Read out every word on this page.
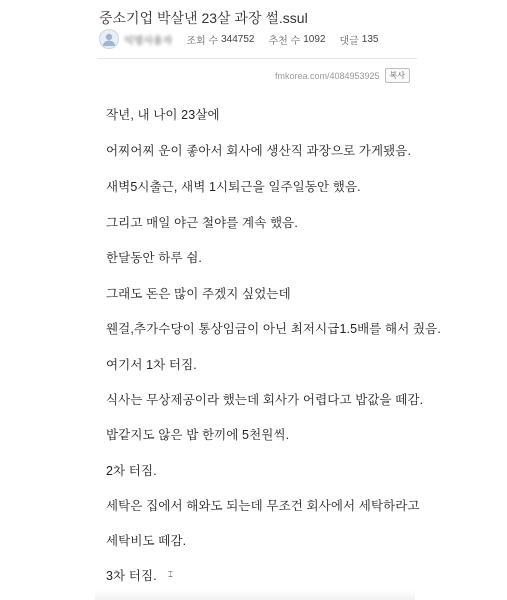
중소기업 박살낸 23살 과장 썰.ssul
익명사용자 조회 수 344752 추천 수 1092 댓글 135
fmkorea.com/4084953925	복사
작년, 내 나이 23살에
어찌어찌 운이 좋아서 회사에 생산직 과장으로 가게됐음.
새벽5시출근, 새벽 1시퇴근을 일주일동안 했음.
그리고 매일 야근 철야를 계속 했음.
한달동안 하루 쉼.
그래도 돈은 많이 주겠지 싶었는데
웬걸,추가수당이 통상임금이 아닌 최저시급1.5배를 해서 줬음.
여기서 1차 터짐.
식사는 무상제공이라 했는데 회사가 어렵다고 밥값을 떼감.
밥같지도 않은 밥 한끼에 5천원씩.
2차 터짐.
세탁은 집에서 해와도 되는데 무조건 회사에서 세탁하라고
세탁비도 떼감.
3차 터짐. ⌶
